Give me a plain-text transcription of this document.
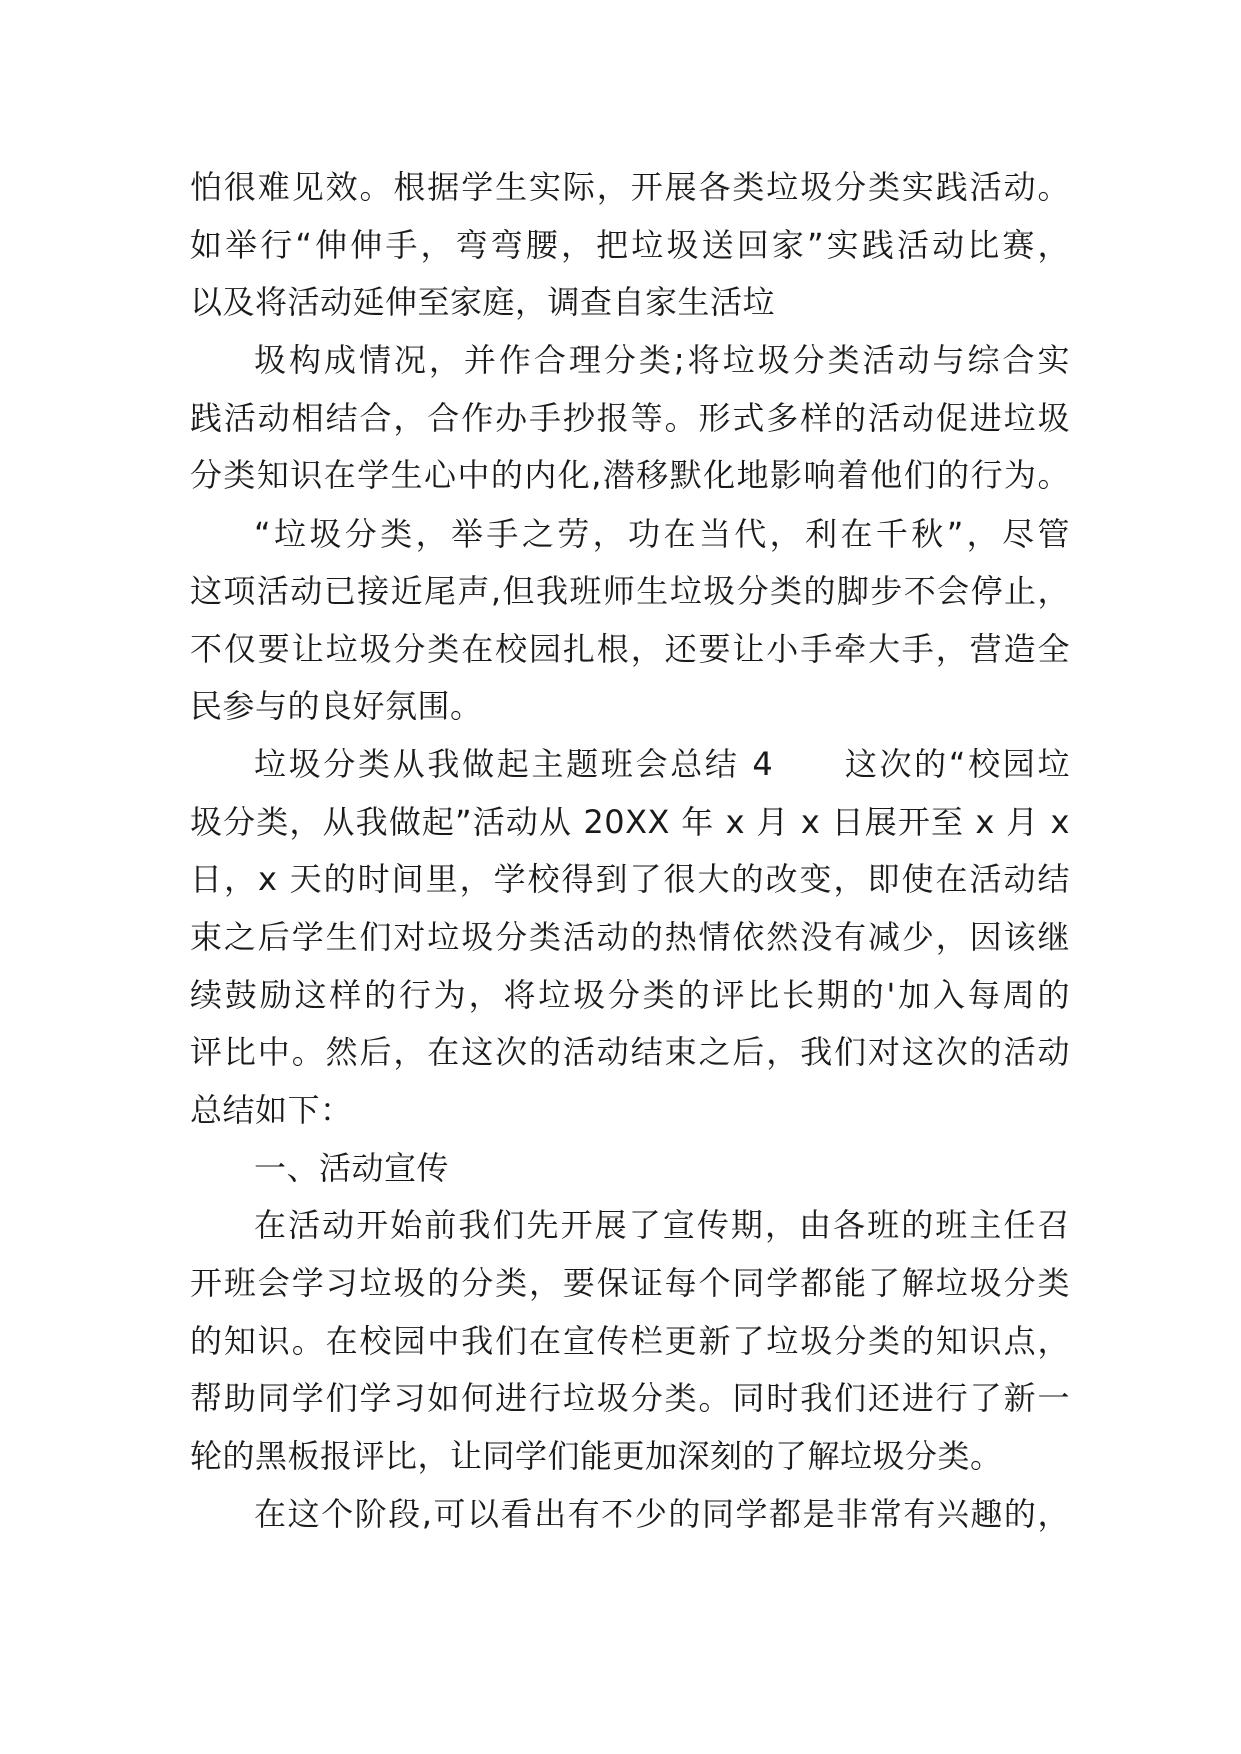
怕很难见效。根据学生实际，开展各类垃圾分类实践活动。
如举行“伸伸手，弯弯腰，把垃圾送回家”实践活动比赛，
以及将活动延伸至家庭，调查自家生活垃
圾构成情况，并作合理分类;将垃圾分类活动与综合实
践活动相结合，合作办手抄报等。形式多样的活动促进垃圾
分类知识在学生心中的内化,潜移默化地影响着他们的行为。
“垃圾分类，举手之劳，功在当代，利在千秋”，尽管
这项活动已接近尾声,但我班师生垃圾分类的脚步不会停止，
不仅要让垃圾分类在校园扎根，还要让小手牵大手，营造全
民参与的良好氛围。
垃圾分类从我做起主题班会总结 4　　这次的“校园垃
圾分类，从我做起”活动从 20XX 年 x 月 x 日展开至 x 月 x
日，x 天的时间里，学校得到了很大的改变，即使在活动结
束之后学生们对垃圾分类活动的热情依然没有减少，因该继
续鼓励这样的行为，将垃圾分类的评比长期的'加入每周的
评比中。然后，在这次的活动结束之后，我们对这次的活动
总结如下：
一、活动宣传
在活动开始前我们先开展了宣传期，由各班的班主任召
开班会学习垃圾的分类，要保证每个同学都能了解垃圾分类
的知识。在校园中我们在宣传栏更新了垃圾分类的知识点，
帮助同学们学习如何进行垃圾分类。同时我们还进行了新一
轮的黑板报评比，让同学们能更加深刻的了解垃圾分类。
在这个阶段,可以看出有不少的同学都是非常有兴趣的，
